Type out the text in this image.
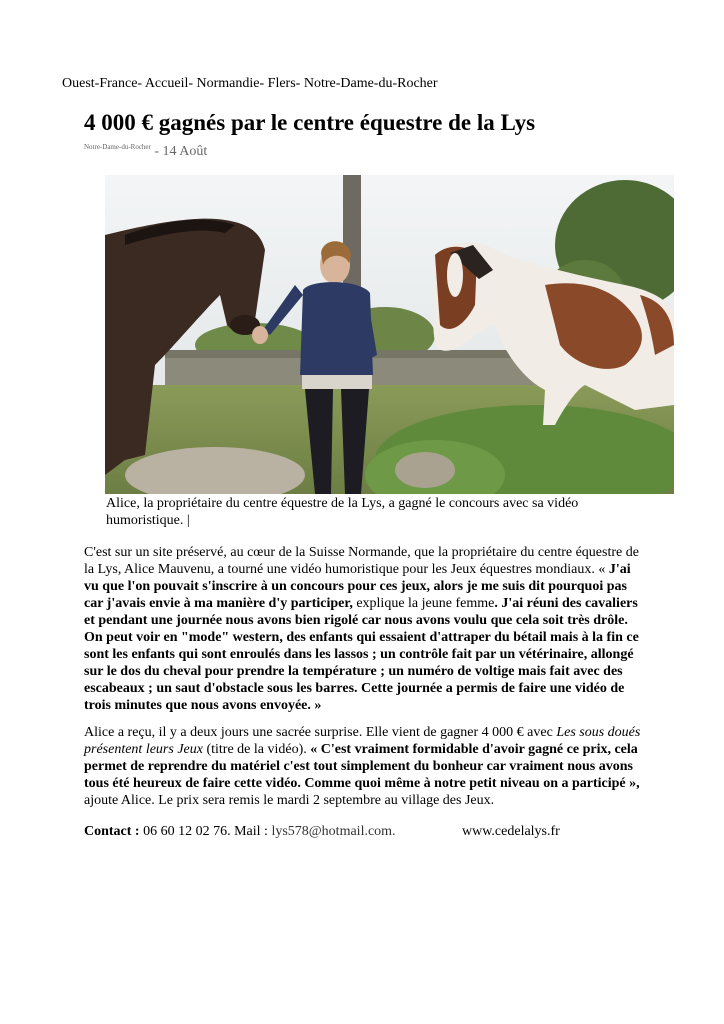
Ouest-France- Accueil- Normandie- Flers- Notre-Dame-du-Rocher
4 000 € gagnés par le centre équestre de la Lys
$^{Notre-Dame-du-Rocher}$ - 14 Août
Alice, la propriétaire du centre équestre de la Lys, a gagné le concours avec sa vidéo humoristique. |
C'est sur un site préservé, au cœur de la Suisse Normande, que la propriétaire du centre équestre de la Lys, Alice Mauvenu, a tourné une vidéo humoristique pour les Jeux équestres mondiaux. « J'ai vu que l'on pouvait s'inscrire à un concours pour ces jeux, alors je me suis dit pourquoi pas car j'avais envie à ma manière d'y participer, explique la jeune femme. J'ai réuni des cavaliers et pendant une journée nous avons bien rigolé car nous avons voulu que cela soit très drôle. On peut voir en "mode" western, des enfants qui essaient d'attraper du bétail mais à la fin ce sont les enfants qui sont enroulés dans les lassos ; un contrôle fait par un vétérinaire, allongé sur le dos du cheval pour prendre la température ; un numéro de voltige mais fait avec des escabeaux ; un saut d'obstacle sous les barres. Cette journée a permis de faire une vidéo de trois minutes que nous avons envoyée. »
Alice a reçu, il y a deux jours une sacrée surprise. Elle vient de gagner 4 000 € avec Les sous doués présentent leurs Jeux (titre de la vidéo). « C'est vraiment formidable d'avoir gagné ce prix, cela permet de reprendre du matériel c'est tout simplement du bonheur car vraiment nous avons tous été heureux de faire cette vidéo. Comme quoi même à notre petit niveau on a participé », ajoute Alice. Le prix sera remis le mardi 2 septembre au village des Jeux.
Contact : 06 60 12 02 76. Mail : lys578@hotmail.com.	www.cedelalys.fr
